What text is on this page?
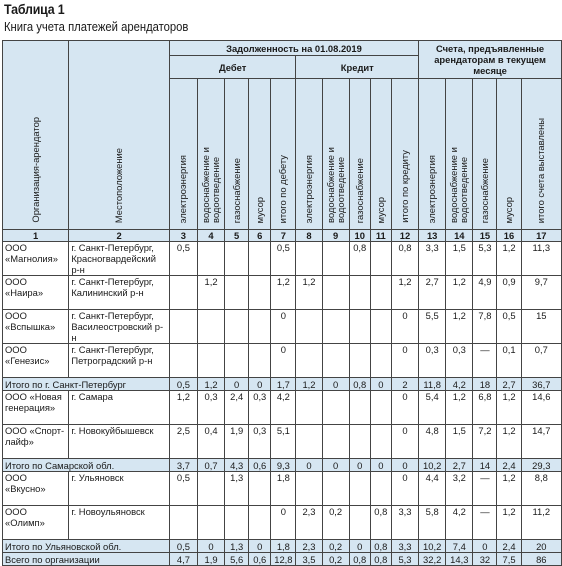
Таблица 1
Книга учета платежей арендаторов
Организация-арендатор	Местоположение	Задолженность на 01.08.2019										Счета, предъявленные арендаторам в текущем месяце				
		Дебет					Кредит									
		электроэнергия	водоснабжение и водоотведение	газоснабжение	мусор	итого по дебету	электроэнергия	водоснабжение и водоотведение	газоснабжение	мусор	итого по кредиту	электроэнергия	водоснабжение и водоотведение	газоснабжение	мусор	итого счета выставлены
1	2	3	4	5	6	7	8	9	10	11	12	13	14	15	16	17
ООО «Магнолия»	г. Санкт-Петербург, Красногвардейский р-н	0,5				0,5			0,8		0,8	3,3	1,5	5,3	1,2	11,3
ООО «Наира»	г. Санкт-Петербург, Калининский р-н		1,2			1,2	1,2				1,2	2,7	1,2	4,9	0,9	9,7
ООО «Вспышка»	г. Санкт-Петербург, Василеостровский р-н					0					0	5,5	1,2	7,8	0,5	15
ООО «Генезис»	г. Санкт-Петербург, Петроградский р-н					0					0	0,3	0,3	—	0,1	0,7
Итого по г. Санкт-Петербург		0,5	1,2	0	0	1,7	1,2	0	0,8	0	2	11,8	4,2	18	2,7	36,7
ООО «Новая генерация»	г. Самара	1,2	0,3	2,4	0,3	4,2					0	5,4	1,2	6,8	1,2	14,6
ООО «Спорт-лайф»	г. Новокуйбышевск	2,5	0,4	1,9	0,3	5,1					0	4,8	1,5	7,2	1,2	14,7
Итого по Самарской обл.		3,7	0,7	4,3	0,6	9,3	0	0	0	0	0	10,2	2,7	14	2,4	29,3
ООО «Вкусно»	г. Ульяновск	0,5		1,3		1,8					0	4,4	3,2	—	1,2	8,8
ООО «Олимп»	г. Новоульяновск					0	2,3	0,2		0,8	3,3	5,8	4,2	—	1,2	11,2
Итого по Ульяновской обл.		0,5	0	1,3	0	1,8	2,3	0,2	0	0,8	3,3	10,2	7,4	0	2,4	20
Всего по организации		4,7	1,9	5,6	0,6	12,8	3,5	0,2	0,8	0,8	5,3	32,2	14,3	32	7,5	86
